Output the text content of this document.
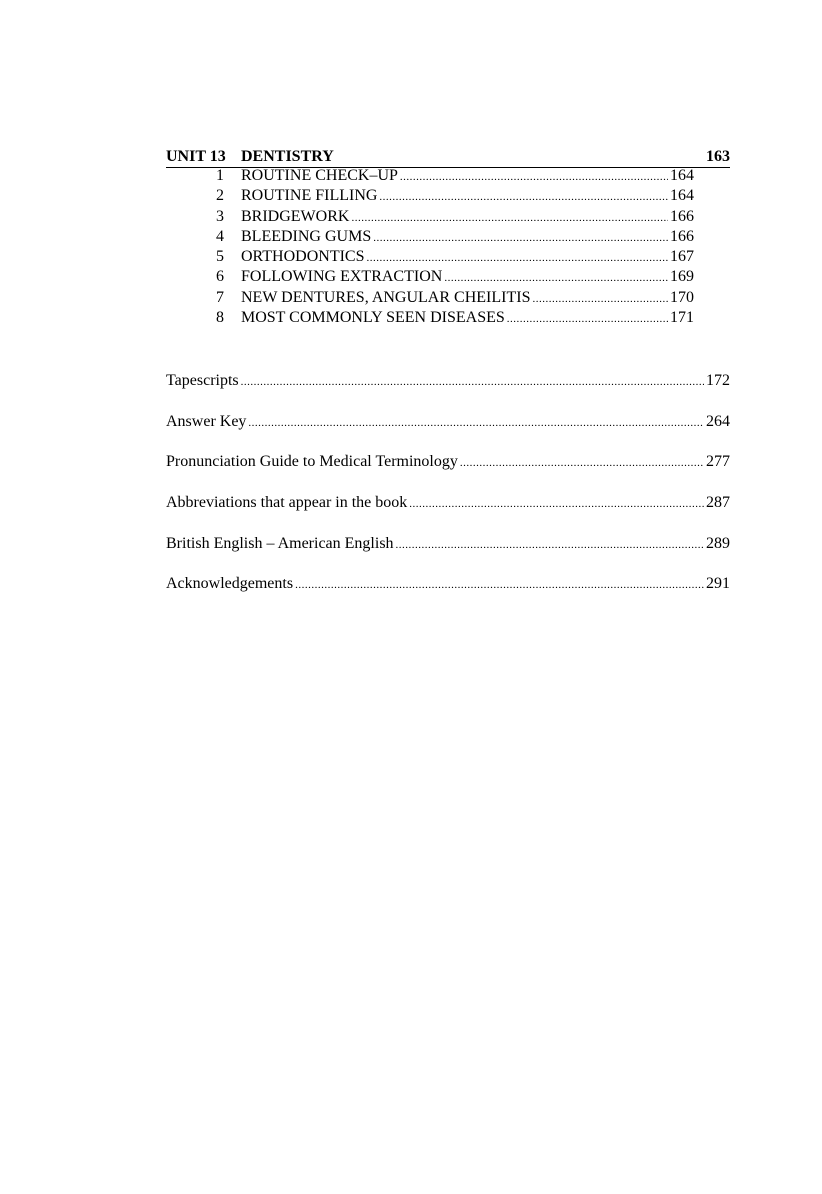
UNIT 13 DENTISTRY	163
1 ROUTINE CHECK–UP .....	164
2 ROUTINE FILLING .....	164
3 BRIDGEWORK .....	166
4 BLEEDING GUMS .....	166
5 ORTHODONTICS .....	167
6 FOLLOWING EXTRACTION .....	169
7 NEW DENTURES, ANGULAR CHEILITIS .....	170
8 MOST COMMONLY SEEN DISEASES .....	171
Tapescripts .....	172
Answer Key .....	264
Pronunciation Guide to Medical Terminology .....	277
Abbreviations that appear in the book .....	287
British English – American English .....	289
Acknowledgements .....	291
